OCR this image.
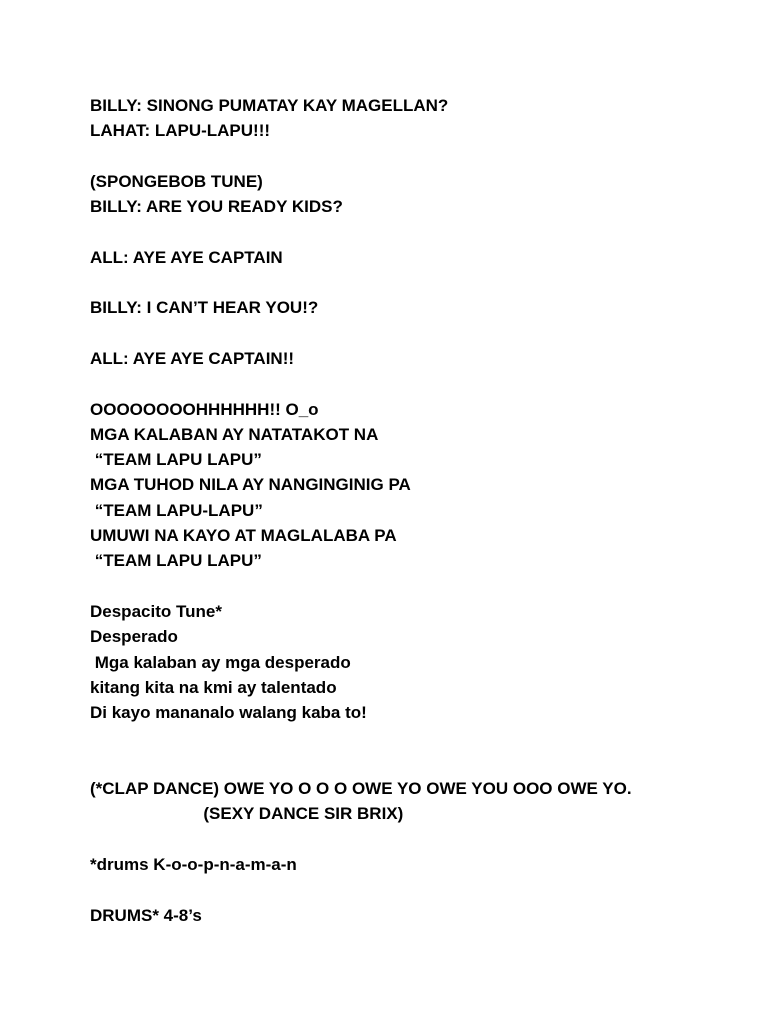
BILLY: SINONG PUMATAY KAY MAGELLAN?
LAHAT: LAPU-LAPU!!!
(SPONGEBOB TUNE)
BILLY: ARE YOU READY KIDS?
ALL: AYE AYE CAPTAIN
BILLY: I CAN’T HEAR YOU!?
ALL: AYE AYE CAPTAIN!!
OOOOOOOOHHHHHH!! O_o
MGA KALABAN AY NATATAKOT NA
“TEAM LAPU LAPU”
MGA TUHOD NILA AY NANGINGINIG PA
“TEAM LAPU-LAPU”
UMUWI NA KAYO AT MAGLALABA PA
“TEAM LAPU LAPU”
Despacito Tune*
Desperado
Mga kalaban ay mga desperado
kitang kita na kmi ay talentado
Di kayo mananalo walang kaba to!
(*CLAP DANCE) OWE YO O O O OWE YO OWE YOU OOO OWE YO.
(SEXY DANCE SIR BRIX)
*drums K-o-o-p-n-a-m-a-n
DRUMS* 4-8’s
